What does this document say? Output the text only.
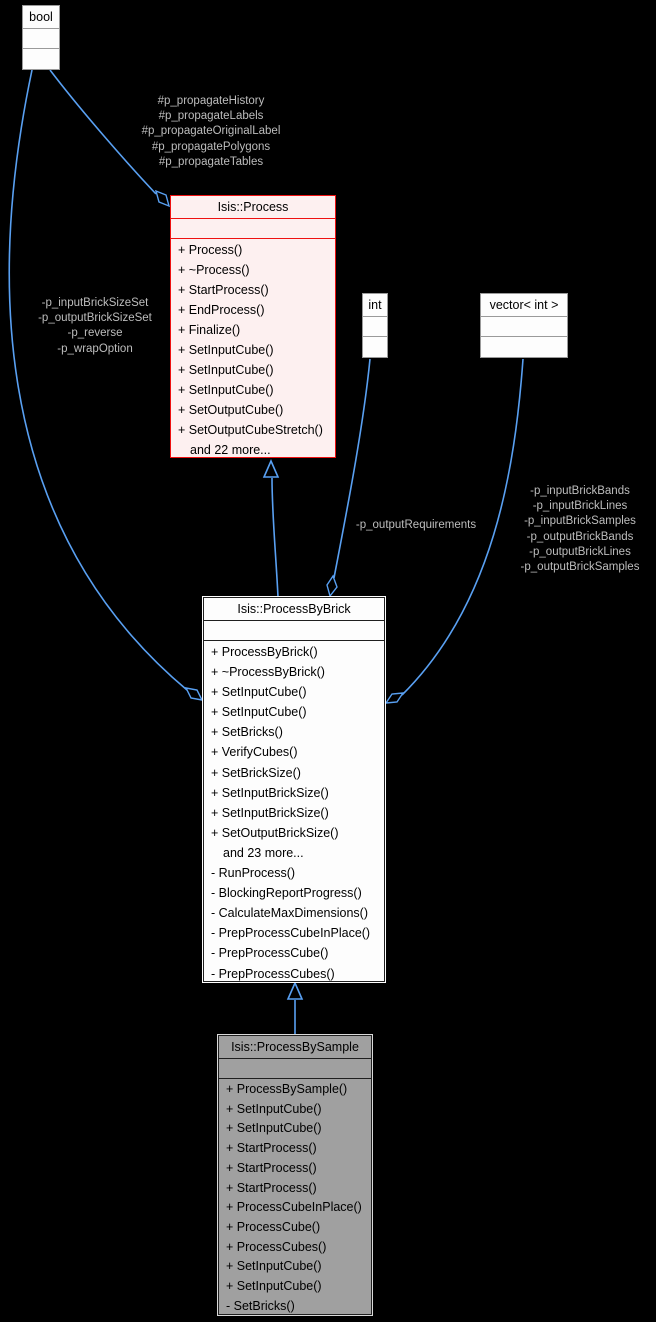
bool
Isis::Process
+ Process()
+ ~Process()
+ StartProcess()
+ EndProcess()
+ Finalize()
+ SetInputCube()
+ SetInputCube()
+ SetInputCube()
+ SetOutputCube()
+ SetOutputCubeStretch()
and 22 more...
int	vector< int >
Isis::ProcessByBrick
+ ProcessByBrick()
+ ~ProcessByBrick()
+ SetInputCube()
+ SetInputCube()
+ SetBricks()
+ VerifyCubes()
+ SetBrickSize()
+ SetInputBrickSize()
+ SetInputBrickSize()
+ SetOutputBrickSize()
and 23 more...
- RunProcess()
- BlockingReportProgress()
- CalculateMaxDimensions()
- PrepProcessCubeInPlace()
- PrepProcessCube()
- PrepProcessCubes()
Isis::ProcessBySample
+ ProcessBySample()
+ SetInputCube()
+ SetInputCube()
+ StartProcess()
+ StartProcess()
+ StartProcess()
+ ProcessCubeInPlace()
+ ProcessCube()
+ ProcessCubes()
+ SetInputCube()
+ SetInputCube()
- SetBricks()
#p_propagateHistory
#p_propagateLabels
#p_propagateOriginalLabel
#p_propagatePolygons
#p_propagateTables
-p_inputBrickSizeSet
-p_outputBrickSizeSet
-p_reverse
-p_wrapOption
-p_outputRequirements
-p_inputBrickBands
-p_inputBrickLines
-p_inputBrickSamples
-p_outputBrickBands
-p_outputBrickLines
-p_outputBrickSamples
